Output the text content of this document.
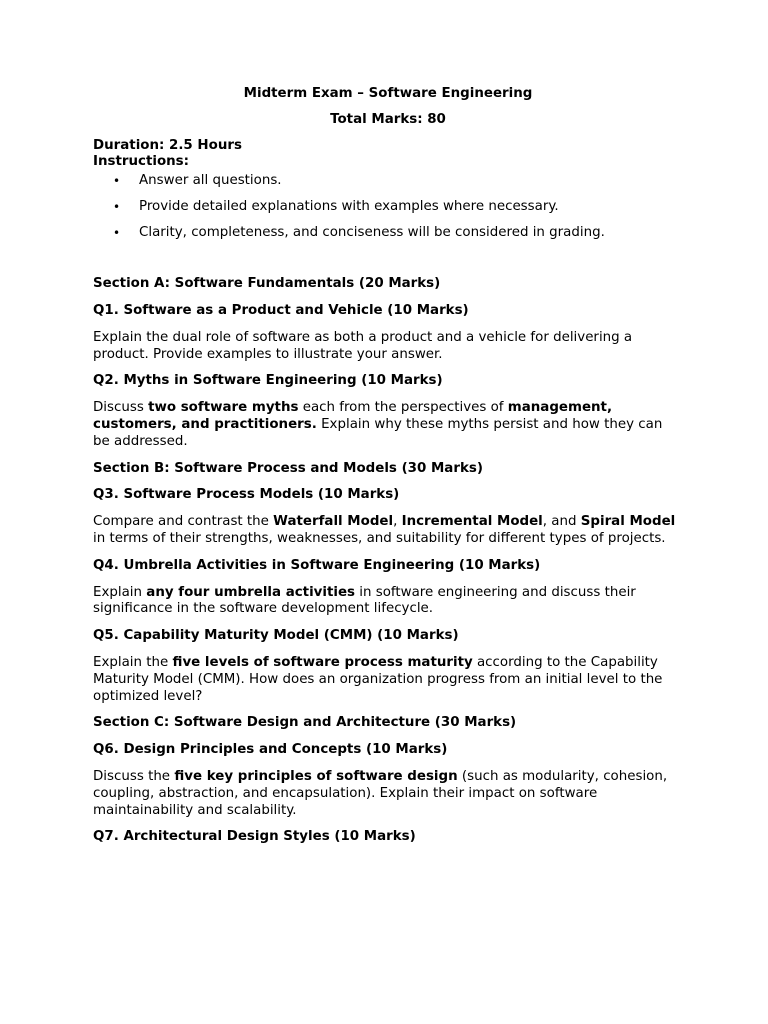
Midterm Exam – Software Engineering

Total Marks: 80

Duration: 2.5 Hours

Instructions:

• Answer all questions.
• Provide detailed explanations with examples where necessary.
• Clarity, completeness, and conciseness will be considered in grading.

Section A: Software Fundamentals (20 Marks)

Q1. Software as a Product and Vehicle (10 Marks)

Explain the dual role of software as both a product and a vehicle for delivering a product. Provide examples to illustrate your answer.

Q2. Myths in Software Engineering (10 Marks)

Discuss two software myths each from the perspectives of management, customers, and practitioners. Explain why these myths persist and how they can be addressed.

Section B: Software Process and Models (30 Marks)

Q3. Software Process Models (10 Marks)

Compare and contrast the Waterfall Model, Incremental Model, and Spiral Model in terms of their strengths, weaknesses, and suitability for different types of projects.

Q4. Umbrella Activities in Software Engineering (10 Marks)

Explain any four umbrella activities in software engineering and discuss their significance in the software development lifecycle.

Q5. Capability Maturity Model (CMM) (10 Marks)

Explain the five levels of software process maturity according to the Capability Maturity Model (CMM). How does an organization progress from an initial level to the optimized level?

Section C: Software Design and Architecture (30 Marks)

Q6. Design Principles and Concepts (10 Marks)

Discuss the five key principles of software design (such as modularity, cohesion, coupling, abstraction, and encapsulation). Explain their impact on software maintainability and scalability.

Q7. Architectural Design Styles (10 Marks)
